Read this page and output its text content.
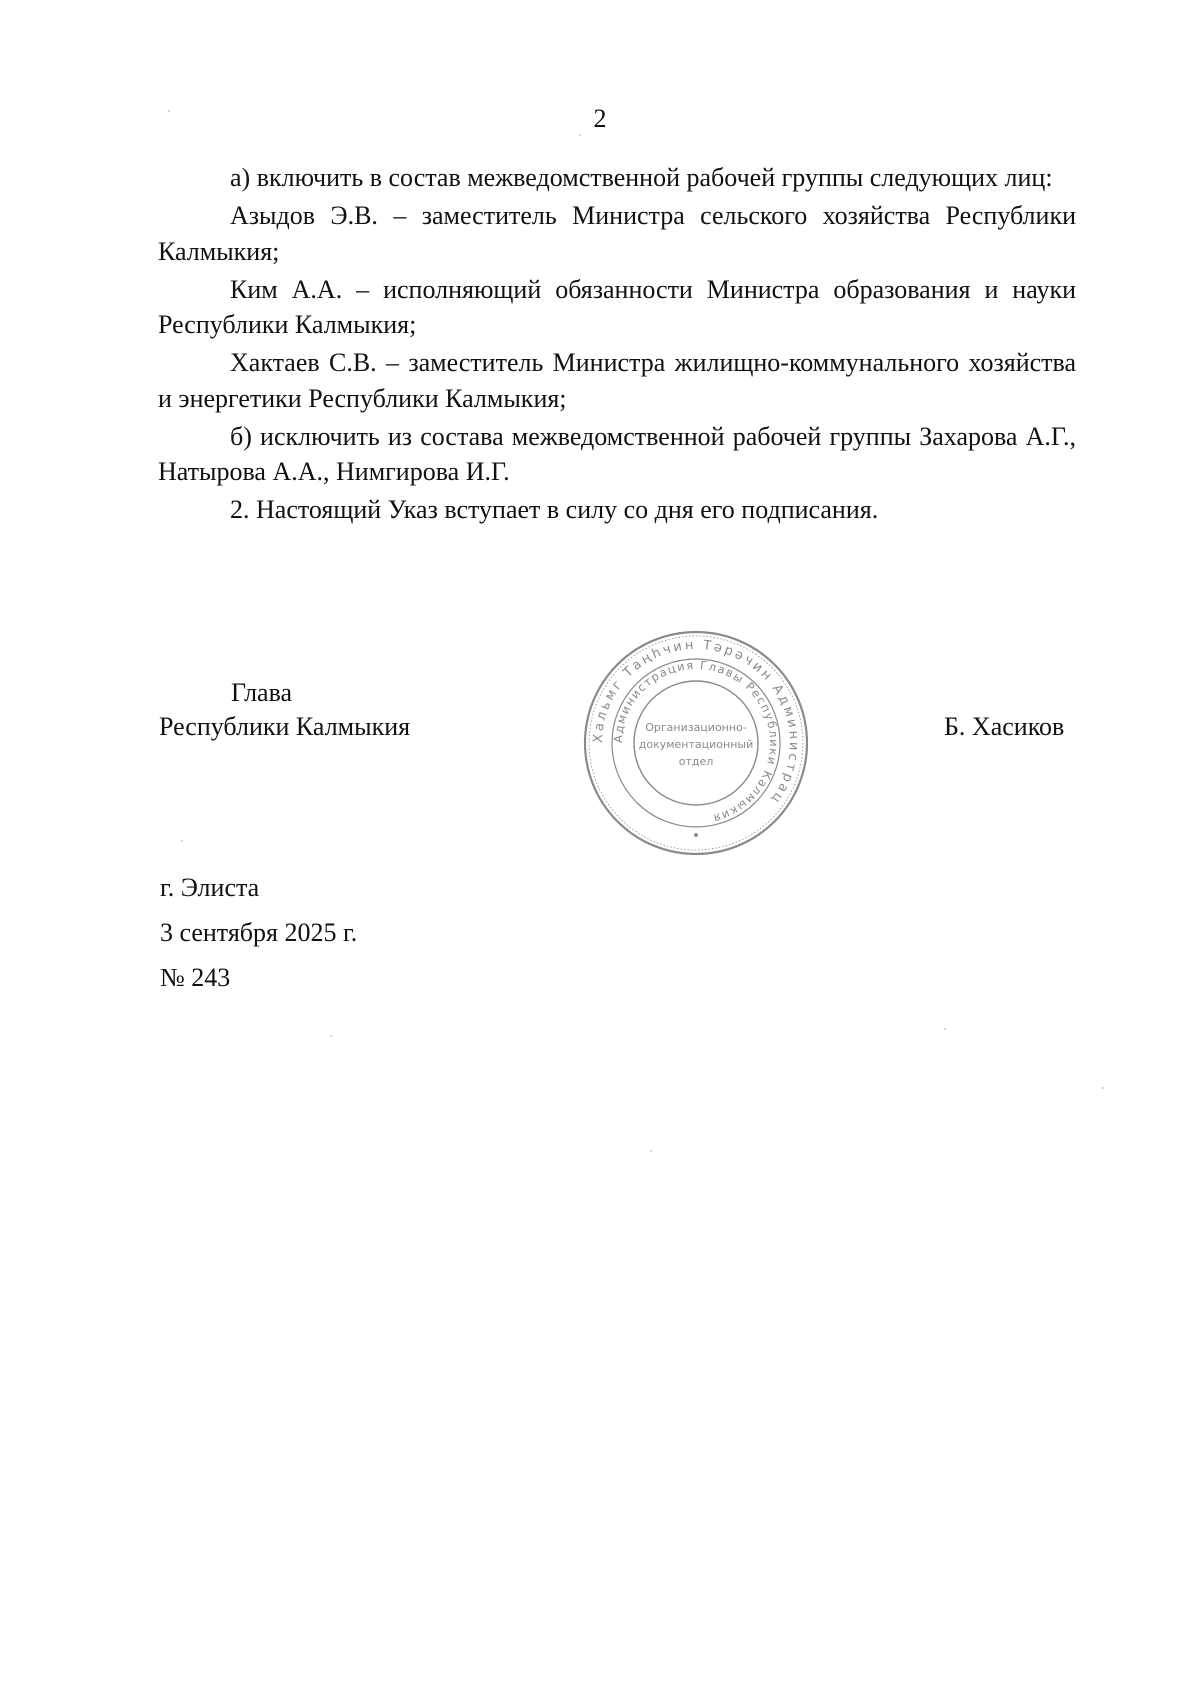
2

а) включить в состав межведомственной рабочей группы следующих лиц:

Азыдов Э.В. – заместитель Министра сельского хозяйства Республики Калмыкия;

Ким А.А. – исполняющий обязанности Министра образования и науки Республики Калмыкия;

Хактаев С.В. – заместитель Министра жилищно-коммунального хозяйства и энергетики Республики Калмыкия;

б) исключить из состава межведомственной рабочей группы Захарова А.Г., Натырова А.А., Нимгирова И.Г.

2. Настоящий Указ вступает в силу со дня его подписания.

Глава
Республики Калмыкия	Б. Хасиков
Хальмг Таңһчин Тəрəчин Администрац
Администрация Главы Республики Калмыкия
Организационно-
документационный
отдел
г. Элиста
3 сентября 2025 г.
№ 243
